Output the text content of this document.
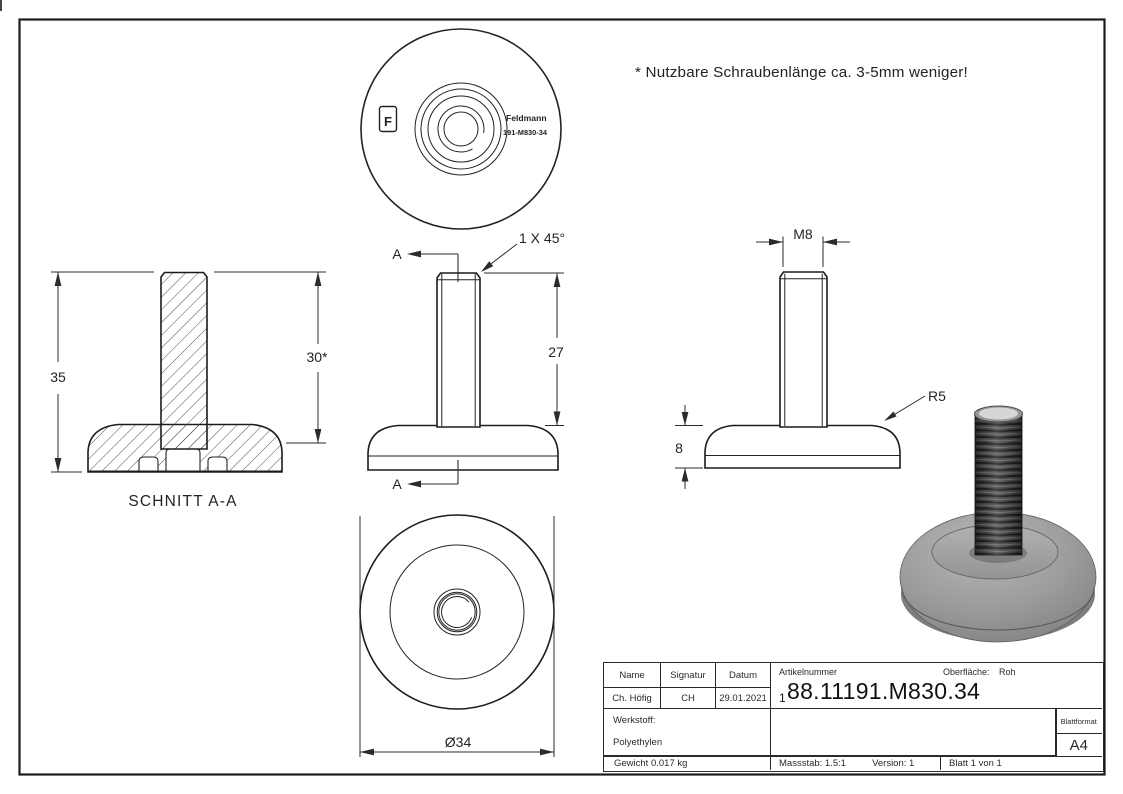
* Nutzbare Schraubenlänge ca. 3-5mm weniger!
F	Feldmann
191-M830-34
35
30*
SCHNITT A-A
A
A
1 X 45°
27
M8
R5
8
Ø34
Name	Signatur Datum Artikelnummer	Oberfläche: Roh
188.11191.M830.34
Ch. Höfig	CH	29.01.2021
Werkstoff:
Polyethylen
Blattformat
A4
Gewicht 0.017 kg	Massstab: 1.5:1	Version: 1	Blatt 1 von 1
